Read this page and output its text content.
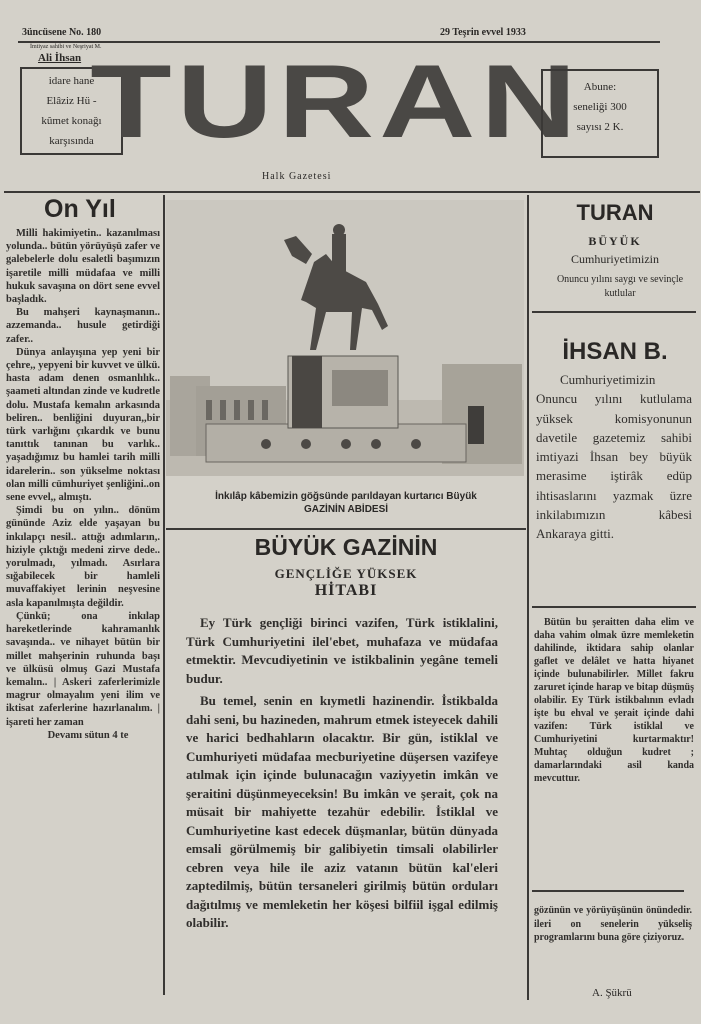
3üncüsene No. 180	29 Teşrin evvel 1933
İmtiyaz sahibi ve Neşriyat M.
Ali İhsan
idare hane
Elâziz Hü -
kûmet konağı
karşısında
TURAN
Halk Gazetesi
Abune:
seneliği 300
sayısı 2 K.
On Yıl

Milli hakimiyetin.. kazanılması yolunda.. bütün yörüyüşü zafer ve galebelerle dolu esaletli başımızın işaretile milli müdafaa ve milli hukuk savaşına on dört sene evvel başladık.

Bu mahşeri kaynaşmanın.. azzemanda.. husule getirdiği zafer..

Dünya anlayışına yep yeni bir çehre,, yepyeni bir kuvvet ve ülkü. hasta adam denen osmanlılık.. şaameti altından zinde ve kudretle dolu. Mustafa kemalın arkasında beliren.. benliğini duyuran,,bir türk varlığını çıkardık ve bunu tanıttık tanınan bu varlık.. yaşadığımız bu hamlei tarih milli idarelerin.. son yükselme noktası olan milli cümhuriyet şenliğini..on sene evvel,, almıştı.

Şimdi bu on yılın.. dönüm gününde Aziz elde yaşayan bu inkılapçı nesil.. attığı adımların,. hiziyle çıktığı medeni zirve dede.. yorulmadı, yılmadı. Asırlara sığabilecek bir hamleli muvaffakiyet lerinin neşvesine asla kapanılmışta değildir.

Çünkü; ona inkılap hareketlerinde kahramanlık savaşında.. ve nihayet bütün bir millet mahşerinin ruhunda başı ve ülküsü olmuş Gazi Mustafa kemalın.. | Askeri zaferlerimizle magrur olmayalım yeni ilim ve iktisat zaferlerine hazırlanalım. | işareti her zaman

Devamı sütun 4 te

İnkılâp kâbemizin göğsünde parıldayan kurtarıcı Büyük
GAZİNİN ABİDESİ
BÜYÜK GAZİNİN
GENÇLİĞE YÜKSEK
HİTABI

Ey Türk gençliği birinci vazifen, Türk istiklalini, Türk Cumhuriyetini ilel'ebet, muhafaza ve müdafaa etmektir. Mevcudiyetinin ve istikbalinin yegâne temeli budur.

Bu temel, senin en kıymetli hazinendir. İstikbalda dahi seni, bu hazineden, mahrum etmek isteyecek dahili ve harici bedhahların olacaktır. Bir gün, istiklal ve Cumhuriyeti müdafaa mecburiyetine düşersen vazifeye atılmak için içinde bulunacağın vaziyyetin imkân ve şeraitini düşünmeyeceksin! Bu imkân ve şerait, çok na müsait bir mahiyette tezahür edebilir. İstiklal ve Cumhuriyetine kast edecek düşmanlar, bütün dünyada emsali görülmemiş bir galibiyetin timsali olabilirler cebren veya hile ile aziz vatanın bütün kal'eleri zaptedilmiş, bütün tersaneleri girilmiş bütün orduları dağıtılmış ve memleketin her köşesi bilfiil işgal edilmiş olabilir.

TURAN
BÜYÜK
Cumhuriyetimizin
Onuncu yılını saygı ve sevinçle kutlular
İHSAN B.

Cumhuriyetimizin Onuncu yılını kutlulama yüksek komisyonunun davetile gazetemiz sahibi imtiyazi İhsan bey büyük merasime iştirâk edüp ihtisaslarını yazmak üzre inkilabımızın kâbesi Ankaraya gitti.

Bütün bu şeraitten daha elim ve daha vahim olmak üzre memleketin dahilinde, iktidara sahip olanlar gaflet ve delâlet ve hatta hiyanet içinde bulunabilirler. Millet fakru zaruret içinde harap ve bitap düşmüş olabilir. Ey Türk istikbalının evladı işte bu ehval ve şerait içinde dahi vazifen: Türk istiklal ve Cumhuriyetini kurtarmaktır! Muhtaç olduğun kudret ; damarlarındaki asil kanda mevcuttur.

gözünün ve yörüyüşünün önündedir. ileri on senelerin yükseliş programlarını buna göre çiziyoruz.

A. Şükrü
